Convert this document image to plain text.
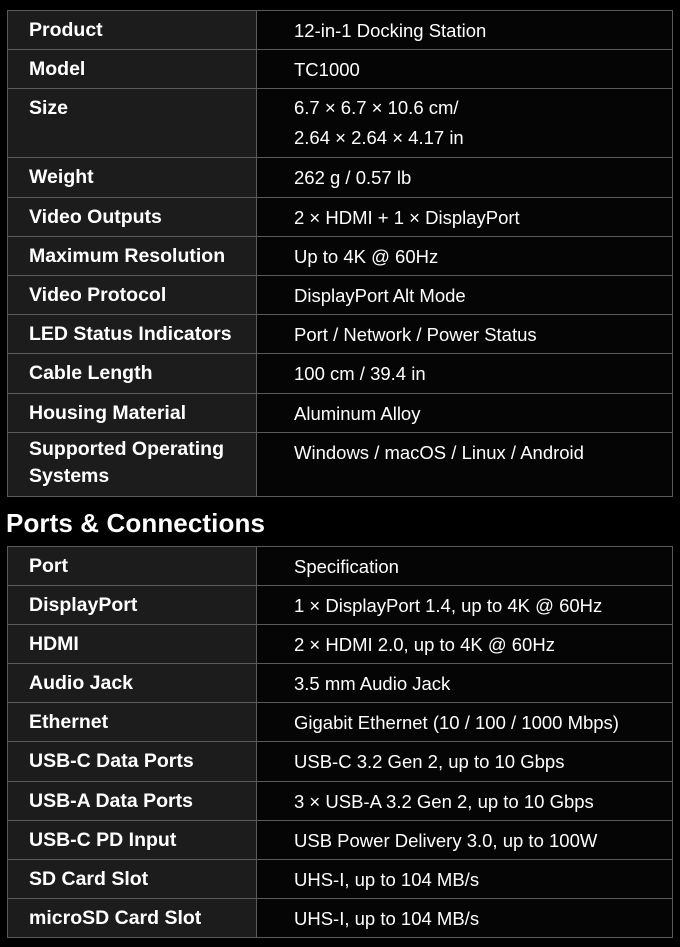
Product	12-in-1 Docking Station
Model	TC1000
Size	6.7 × 6.7 × 10.6 cm/
2.64 × 2.64 × 4.17 in
Weight	262 g / 0.57 lb
Video Outputs	2 × HDMI + 1 × DisplayPort
Maximum Resolution	Up to 4K @ 60Hz
Video Protocol	DisplayPort Alt Mode
LED Status Indicators	Port / Network / Power Status
Cable Length	100 cm / 39.4 in
Housing Material	Aluminum Alloy
Supported Operating
Systems	Windows / macOS / Linux / Android
Ports & Connections
Port	Specification
DisplayPort	1 × DisplayPort 1.4, up to 4K @ 60Hz
HDMI	2 × HDMI 2.0, up to 4K @ 60Hz
Audio Jack	3.5 mm Audio Jack
Ethernet	Gigabit Ethernet (10 / 100 / 1000 Mbps)
USB-C Data Ports	USB-C 3.2 Gen 2, up to 10 Gbps
USB-A Data Ports	3 × USB-A 3.2 Gen 2, up to 10 Gbps
USB-C PD Input	USB Power Delivery 3.0, up to 100W
SD Card Slot	UHS-I, up to 104 MB/s
microSD Card Slot	UHS-I, up to 104 MB/s
